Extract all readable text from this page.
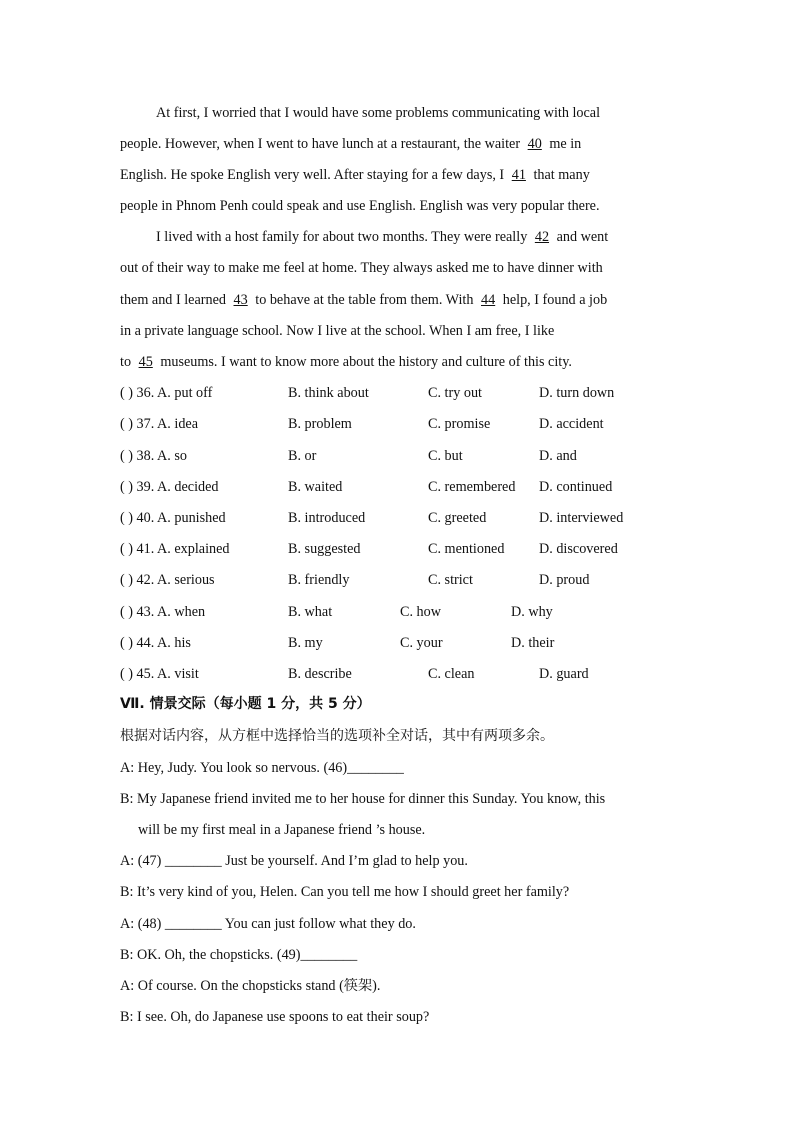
At first, I worried that I would have some problems communicating with local
people. However, when I went to have lunch at a restaurant, the waiter 40 me in
English. He spoke English very well. After staying for a few days, I 41 that many
people in Phnom Penh could speak and use English. English was very popular there.
I lived with a host family for about two months. They were really 42 and went
out of their way to make me feel at home. They always asked me to have dinner with
them and I learned 43 to behave at the table from them. With 44 help, I found a job
in a private language school. Now I live at the school. When I am free, I like
to 45 museums. I want to know more about the history and culture of this city.
( ) 36. A. put off	B. think about	C. try out	D. turn down
( ) 37. A. idea	B. problem	C. promise	D. accident
( ) 38. A. so	B. or	C. but	D. and
( ) 39. A. decided	B. waited	C. remembered D. continued
( ) 40. A. punished	B. introduced	C. greeted	D. interviewed
( ) 41. A. explained	B. suggested	C. mentioned D. discovered
( ) 42. A. serious	B. friendly	C. strict	D. proud
( ) 43. A. when	B. what	C. how	D. why
( ) 44. A. his	B. my	C. your	D. their
( ) 45. A. visit	B. describe	C. clean	D. guard
Ⅶ. 情景交际（每小题 1 分，共 5 分）
根据对话内容，从方框中选择恰当的选项补全对话，其中有两项多余。
A: Hey, Judy. You look so nervous. (46)________
B: My Japanese friend invited me to her house for dinner this Sunday. You know, this
will be my first meal in a Japanese friend ’s house.
A: (47) ________ Just be yourself. And I’m glad to help you.
B: It’s very kind of you, Helen. Can you tell me how I should greet her family?
A: (48) ________ You can just follow what they do.
B: OK. Oh, the chopsticks. (49)________
A: Of course. On the chopsticks stand (筷架).
B: I see. Oh, do Japanese use spoons to eat their soup?
